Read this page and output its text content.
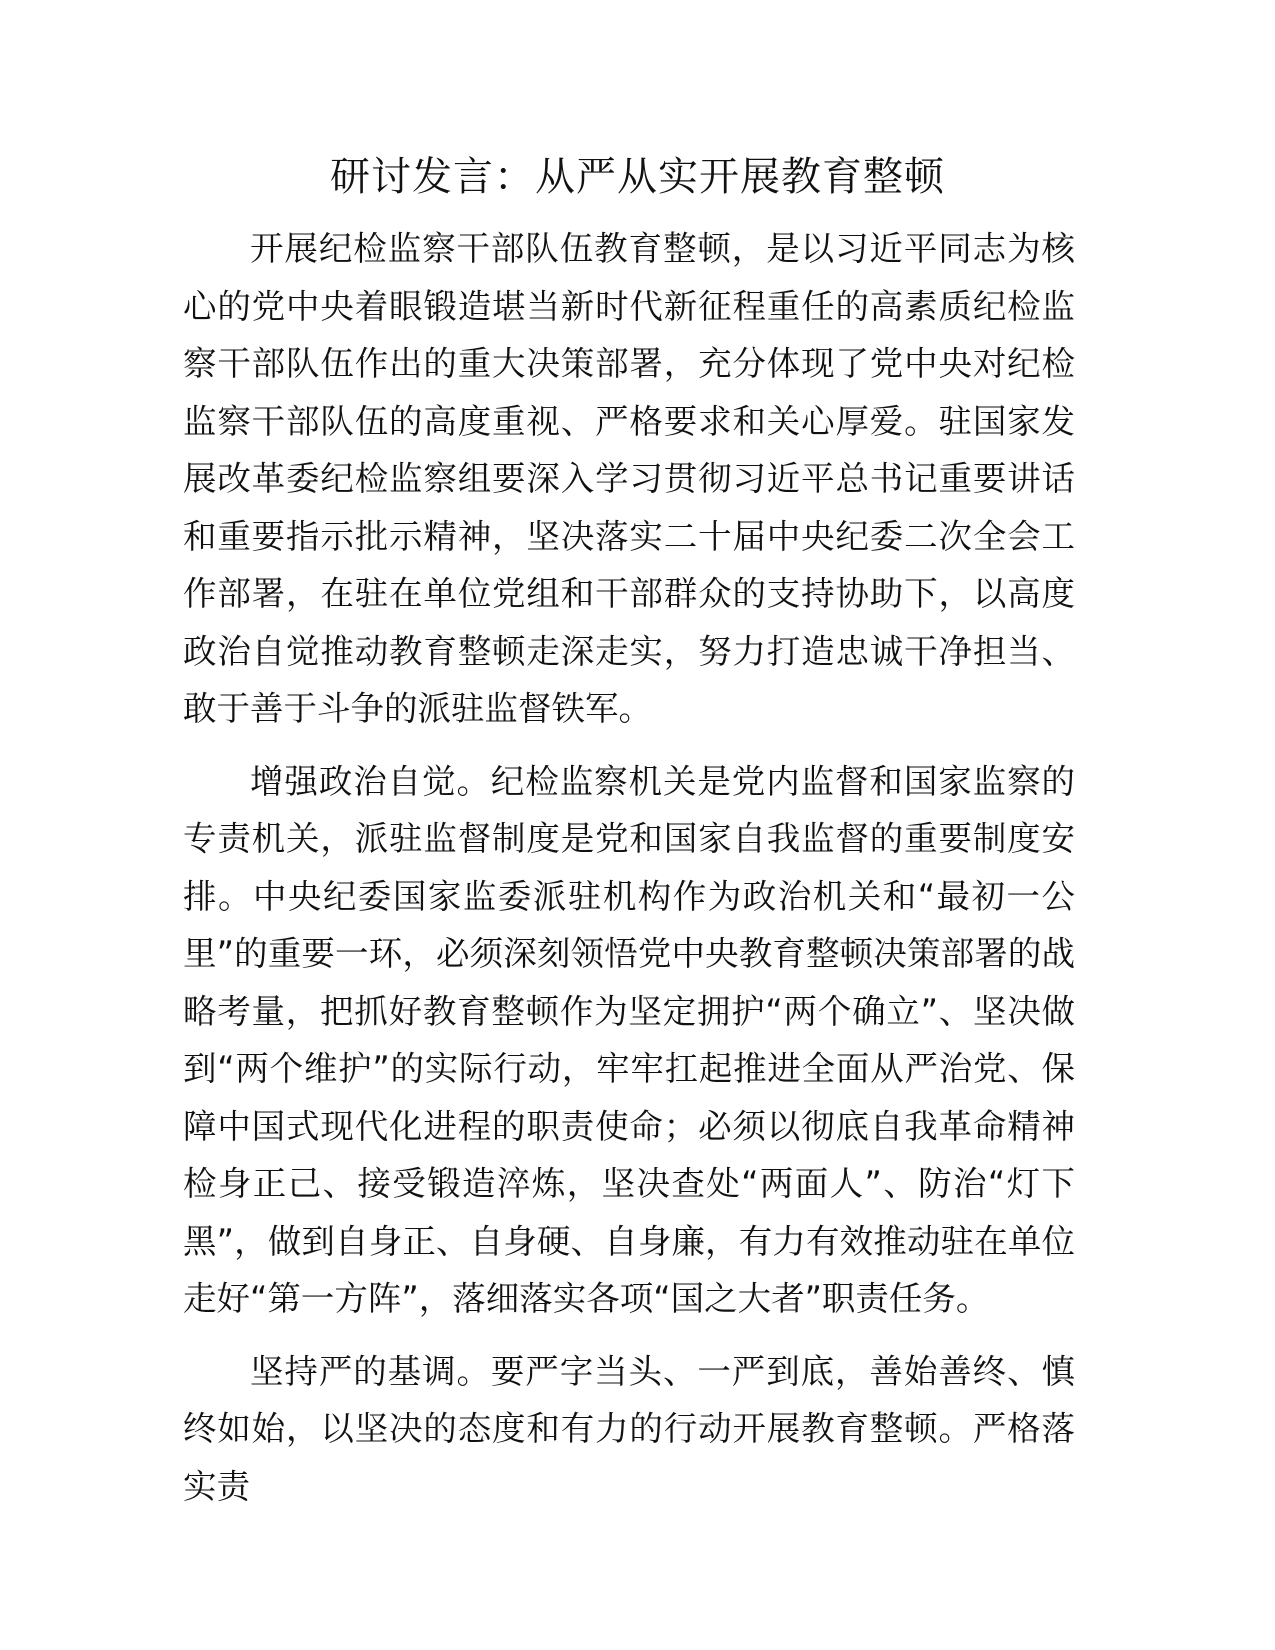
研讨发言：从严从实开展教育整顿

开展纪检监察干部队伍教育整顿，是以习近平同志为核心的党中央着眼锻造堪当新时代新征程重任的高素质纪检监察干部队伍作出的重大决策部署，充分体现了党中央对纪检监察干部队伍的高度重视、严格要求和关心厚爱。驻国家发展改革委纪检监察组要深入学习贯彻习近平总书记重要讲话和重要指示批示精神，坚决落实二十届中央纪委二次全会工作部署，在驻在单位党组和干部群众的支持协助下，以高度政治自觉推动教育整顿走深走实，努力打造忠诚干净担当、敢于善于斗争的派驻监督铁军。

增强政治自觉。纪检监察机关是党内监督和国家监察的专责机关，派驻监督制度是党和国家自我监督的重要制度安排。中央纪委国家监委派驻机构作为政治机关和“最初一公里”的重要一环，必须深刻领悟党中央教育整顿决策部署的战略考量，把抓好教育整顿作为坚定拥护“两个确立”、坚决做到“两个维护”的实际行动，牢牢扛起推进全面从严治党、保障中国式现代化进程的职责使命；必须以彻底自我革命精神检身正己、接受锻造淬炼，坚决查处“两面人”、防治“灯下黑”，做到自身正、自身硬、自身廉，有力有效推动驻在单位走好“第一方阵”，落细落实各项“国之大者”职责任务。

坚持严的基调。要严字当头、一严到底，善始善终、慎终如始，以坚决的态度和有力的行动开展教育整顿。严格落实责
